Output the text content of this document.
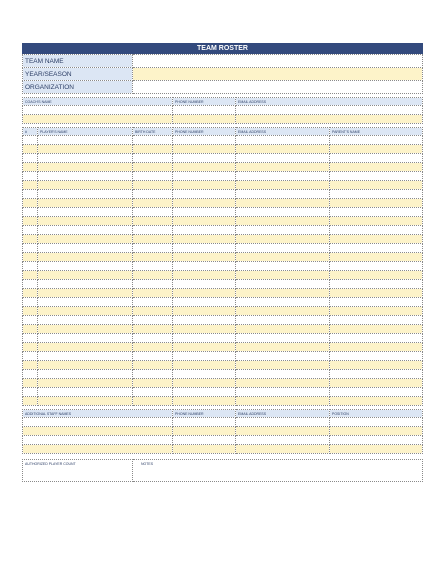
TEAM ROSTER
TEAM NAME	
YEAR/SEASON	
ORGANIZATION	
COACH'S NAME	PHONE NUMBER	EMAIL ADDRESS

#	PLAYER'S NAME	BIRTH DATE	PHONE NUMBER	EMAIL ADDRESS	PARENT'S NAME

ADDITIONAL STAFF NAMES	PHONE NUMBER	EMAIL ADDRESS	POSITION

AUTHORIZED PLAYER COUNT	NOTES
